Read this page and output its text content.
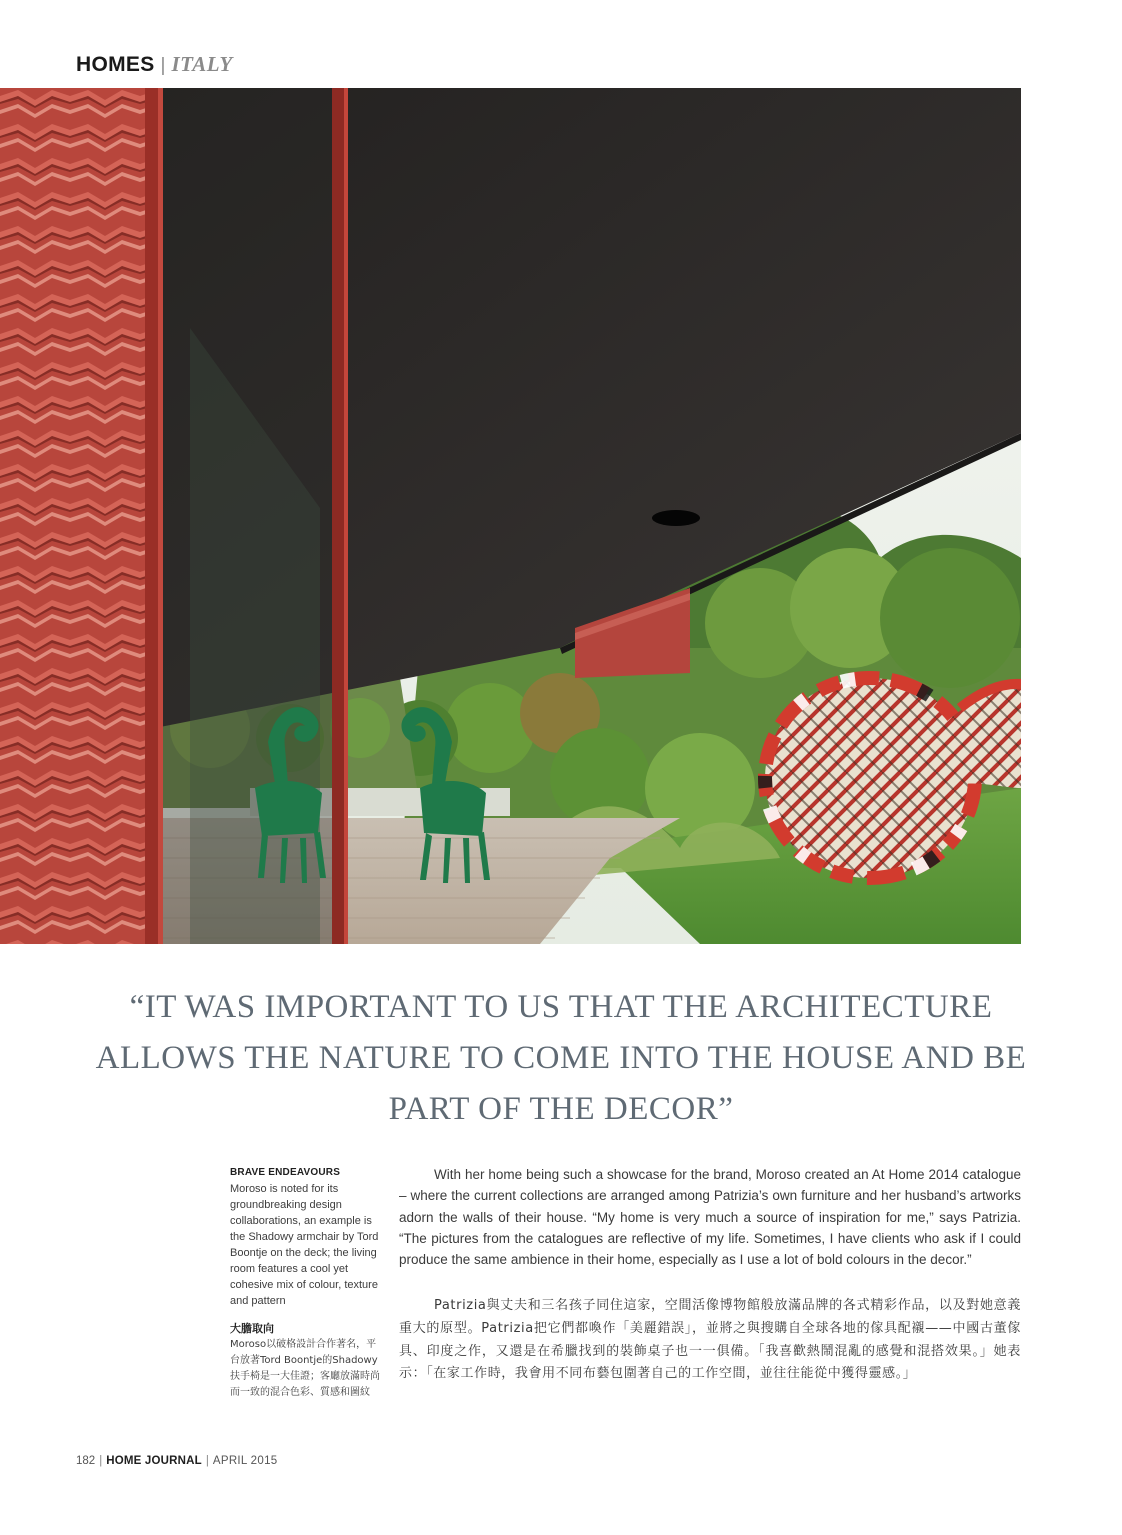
HOMES | ITALY
“IT WAS IMPORTANT TO US THAT THE ARCHITECTURE ALLOWS THE NATURE TO COME INTO THE HOUSE AND BE PART OF THE DECOR”
BRAVE ENDEAVOURS

Moroso is noted for its groundbreaking design collaborations, an example is the Shadowy armchair by Tord Boontje on the deck; the living room features a cool yet cohesive mix of colour, texture and pattern

大膽取向

Moroso以破格設計合作著名，平台放著Tord Boontje的Shadowy扶手椅是一大佳證；客廳放滿時尚而一致的混合色彩、質感和圖紋

With her home being such a showcase for the brand, Moroso created an At Home 2014 catalogue – where the current collections are arranged among Patrizia’s own furniture and her husband’s artworks adorn the walls of their house. “My home is very much a source of inspiration for me,” says Patrizia. “The pictures from the catalogues are reflective of my life. Sometimes, I have clients who ask if I could produce the same ambience in their home, especially as I use a lot of bold colours in the decor.”

Patrizia與丈夫和三名孩子同住這家，空間活像博物館般放滿品牌的各式精彩作品，以及對她意義重大的原型。Patrizia把它們都喚作「美麗錯誤」，並將之與搜購自全球各地的傢具配襯——中國古董傢具、印度之作，又還是在希臘找到的裝飾桌子也一一俱備。「我喜歡熱鬧混亂的感覺和混搭效果。」她表示：「在家工作時，我會用不同布藝包圍著自己的工作空間，並往往能從中獲得靈感。」

182 | HOME JOURNAL | APRIL 2015
